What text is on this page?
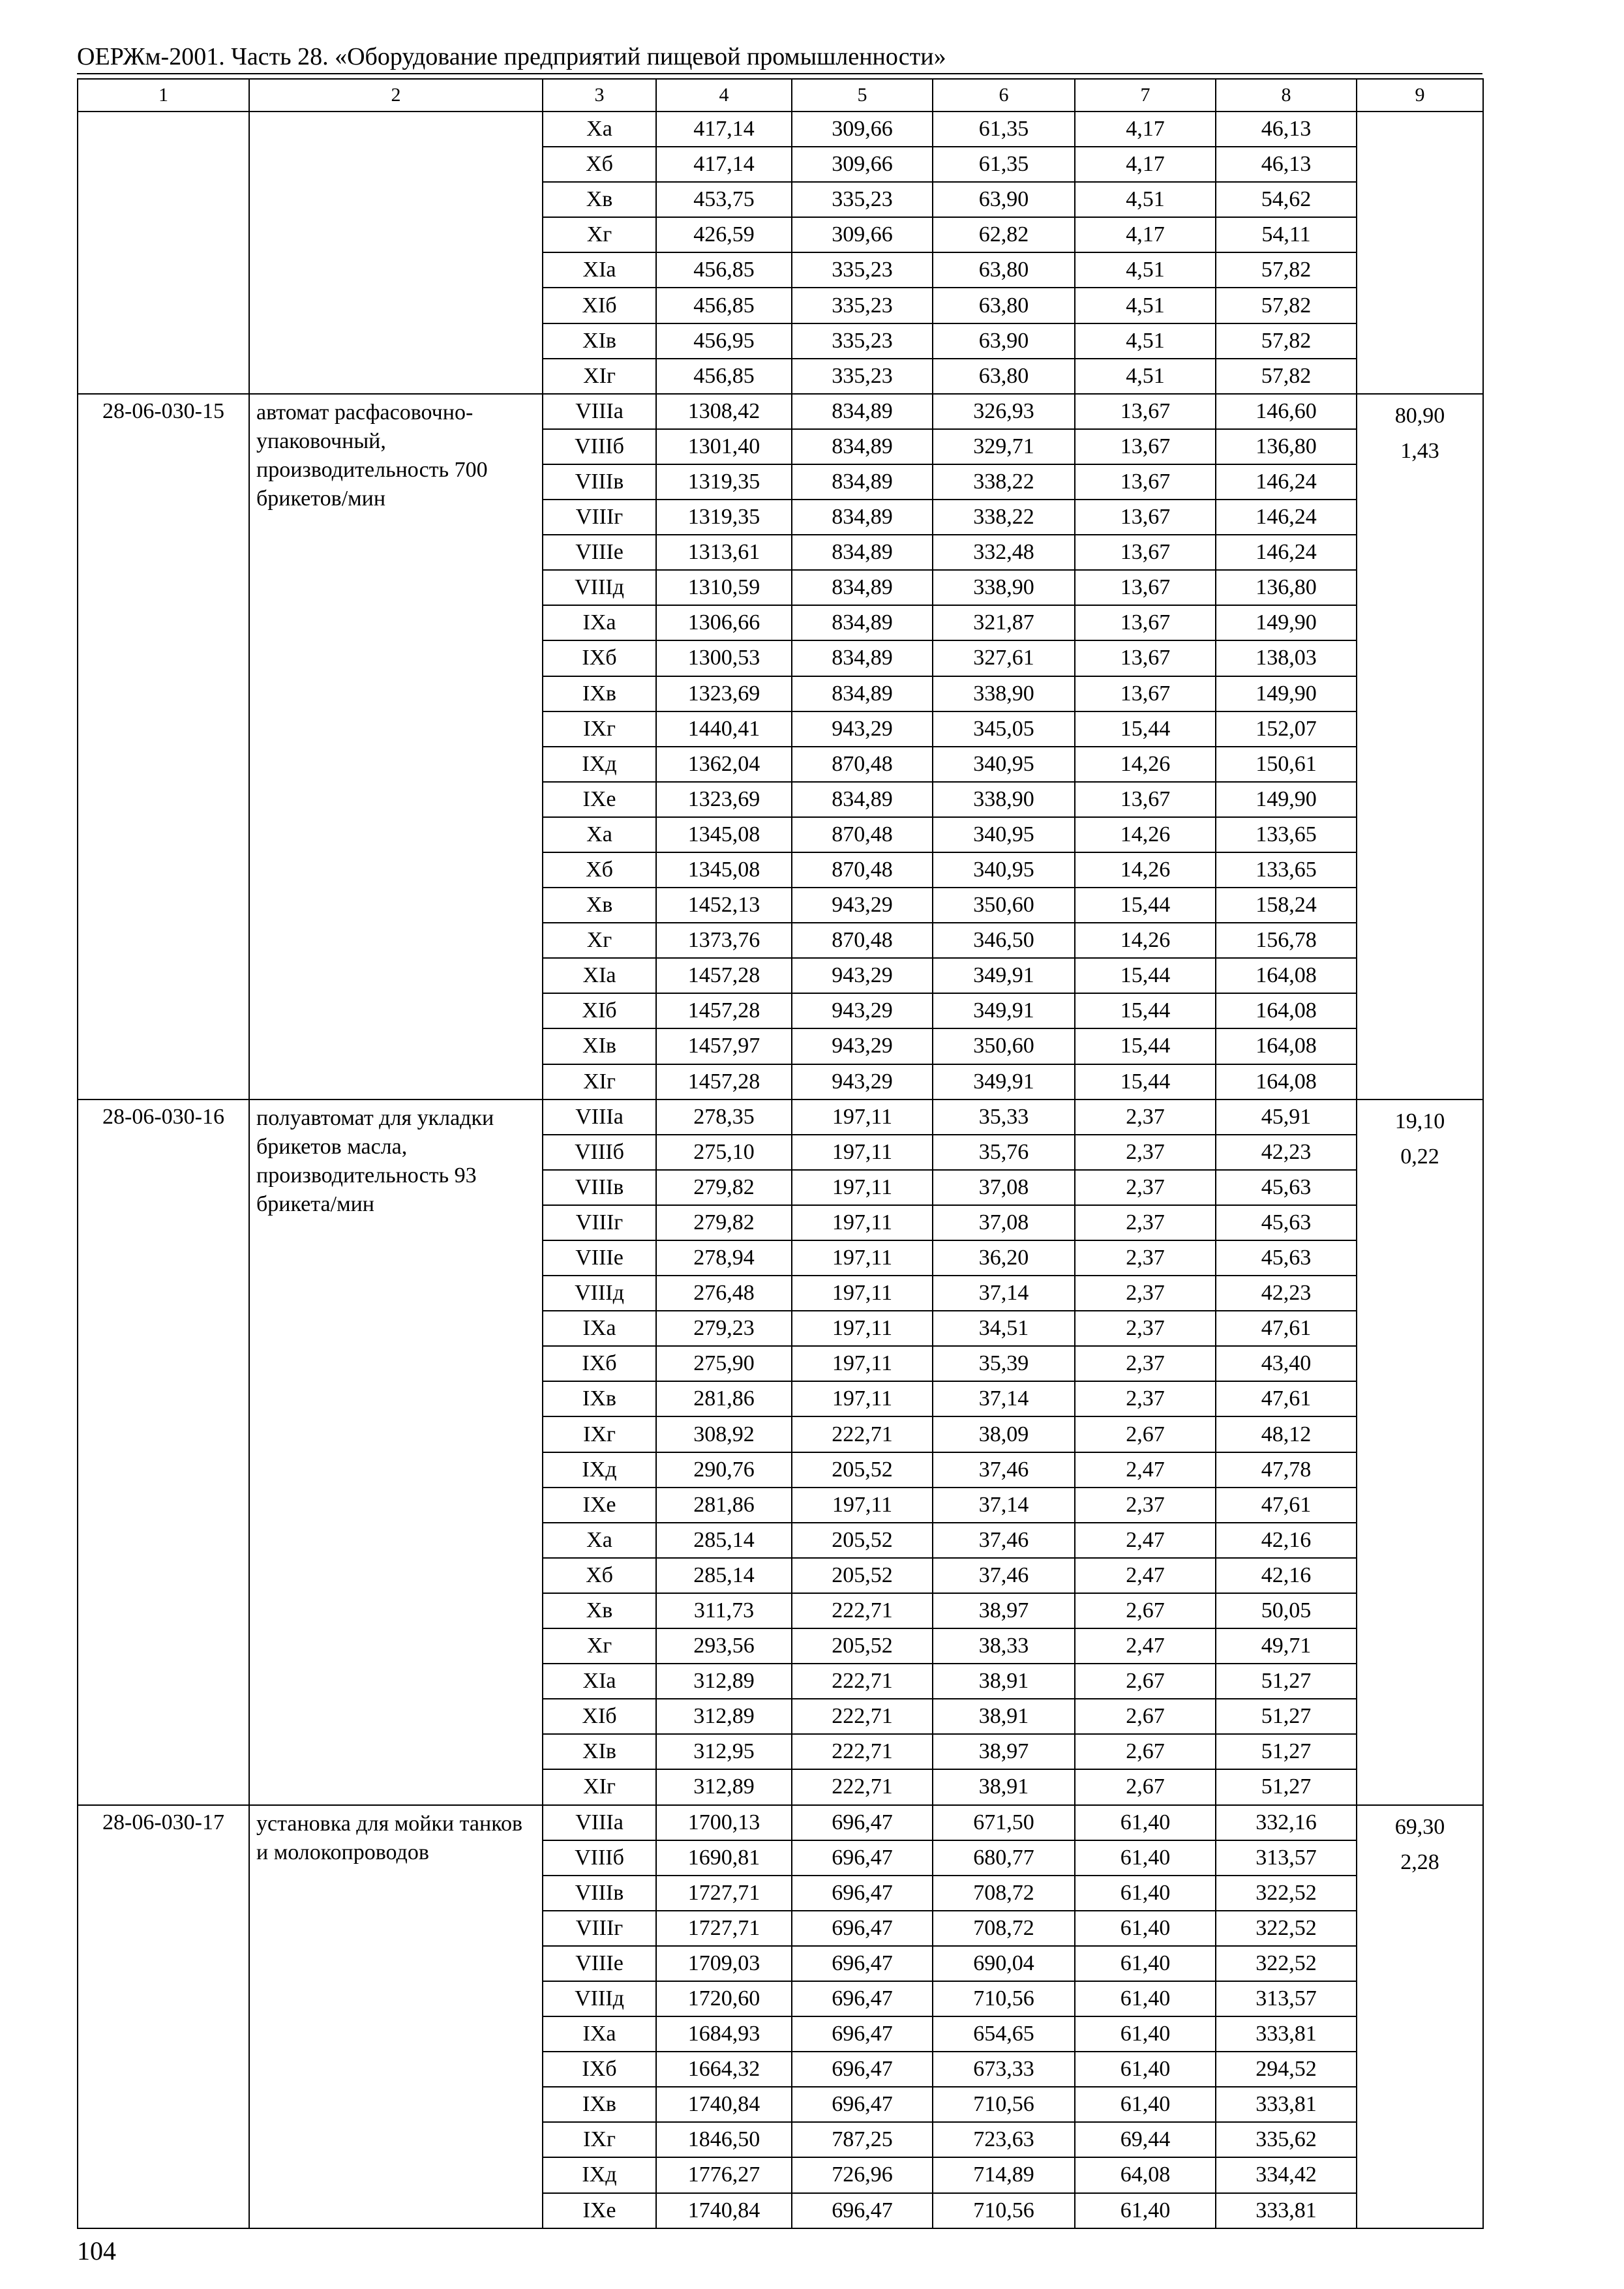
ОЕРЖм-2001. Часть 28. «Оборудование предприятий пищевой промышленности»
1	2	3	4	5	6	7	8	9
		Xа	417,14	309,66	61,35	4,17	46,13	
		Xб	417,14	309,66	61,35	4,17	46,13	
		Xв	453,75	335,23	63,90	4,51	54,62	
		Xг	426,59	309,66	62,82	4,17	54,11	
		XIа	456,85	335,23	63,80	4,51	57,82	
		XIб	456,85	335,23	63,80	4,51	57,82	
		XIв	456,95	335,23	63,90	4,51	57,82	
		XIг	456,85	335,23	63,80	4,51	57,82	
28-06-030-15	автомат расфасовочно-упаковочный, производительность 700 брикетов/мин	VIIIа	1308,42	834,89	326,93	13,67	146,60	80,90
1,43

		VIIIб	1301,40	834,89	329,71	13,67	136,80	
		VIIIв	1319,35	834,89	338,22	13,67	146,24	
		VIIIг	1319,35	834,89	338,22	13,67	146,24	
		VIIIе	1313,61	834,89	332,48	13,67	146,24	
		VIIIд	1310,59	834,89	338,90	13,67	136,80	
		IXа	1306,66	834,89	321,87	13,67	149,90	
		IXб	1300,53	834,89	327,61	13,67	138,03	
		IXв	1323,69	834,89	338,90	13,67	149,90	
		IXг	1440,41	943,29	345,05	15,44	152,07	
		IXд	1362,04	870,48	340,95	14,26	150,61	
		IXе	1323,69	834,89	338,90	13,67	149,90	
		Xа	1345,08	870,48	340,95	14,26	133,65	
		Xб	1345,08	870,48	340,95	14,26	133,65	
		Xв	1452,13	943,29	350,60	15,44	158,24	
		Xг	1373,76	870,48	346,50	14,26	156,78	
		XIа	1457,28	943,29	349,91	15,44	164,08	
		XIб	1457,28	943,29	349,91	15,44	164,08	
		XIв	1457,97	943,29	350,60	15,44	164,08	
		XIг	1457,28	943,29	349,91	15,44	164,08	
28-06-030-16	полуавтомат для укладки брикетов масла, производительность 93 брикета/мин	VIIIа	278,35	197,11	35,33	2,37	45,91	19,10
0,22

		VIIIб	275,10	197,11	35,76	2,37	42,23	
		VIIIв	279,82	197,11	37,08	2,37	45,63	
		VIIIг	279,82	197,11	37,08	2,37	45,63	
		VIIIе	278,94	197,11	36,20	2,37	45,63	
		VIIIд	276,48	197,11	37,14	2,37	42,23	
		IXа	279,23	197,11	34,51	2,37	47,61	
		IXб	275,90	197,11	35,39	2,37	43,40	
		IXв	281,86	197,11	37,14	2,37	47,61	
		IXг	308,92	222,71	38,09	2,67	48,12	
		IXд	290,76	205,52	37,46	2,47	47,78	
		IXе	281,86	197,11	37,14	2,37	47,61	
		Xа	285,14	205,52	37,46	2,47	42,16	
		Xб	285,14	205,52	37,46	2,47	42,16	
		Xв	311,73	222,71	38,97	2,67	50,05	
		Xг	293,56	205,52	38,33	2,47	49,71	
		XIа	312,89	222,71	38,91	2,67	51,27	
		XIб	312,89	222,71	38,91	2,67	51,27	
		XIв	312,95	222,71	38,97	2,67	51,27	
		XIг	312,89	222,71	38,91	2,67	51,27	
28-06-030-17	установка для мойки танков и молокопроводов	VIIIа	1700,13	696,47	671,50	61,40	332,16	69,30
2,28

		VIIIб	1690,81	696,47	680,77	61,40	313,57	
		VIIIв	1727,71	696,47	708,72	61,40	322,52	
		VIIIг	1727,71	696,47	708,72	61,40	322,52	
		VIIIе	1709,03	696,47	690,04	61,40	322,52	
		VIIIд	1720,60	696,47	710,56	61,40	313,57	
		IXа	1684,93	696,47	654,65	61,40	333,81	
		IXб	1664,32	696,47	673,33	61,40	294,52	
		IXв	1740,84	696,47	710,56	61,40	333,81	
		IXг	1846,50	787,25	723,63	69,44	335,62	
		IXд	1776,27	726,96	714,89	64,08	334,42	
		IXе	1740,84	696,47	710,56	61,40	333,81	
104
